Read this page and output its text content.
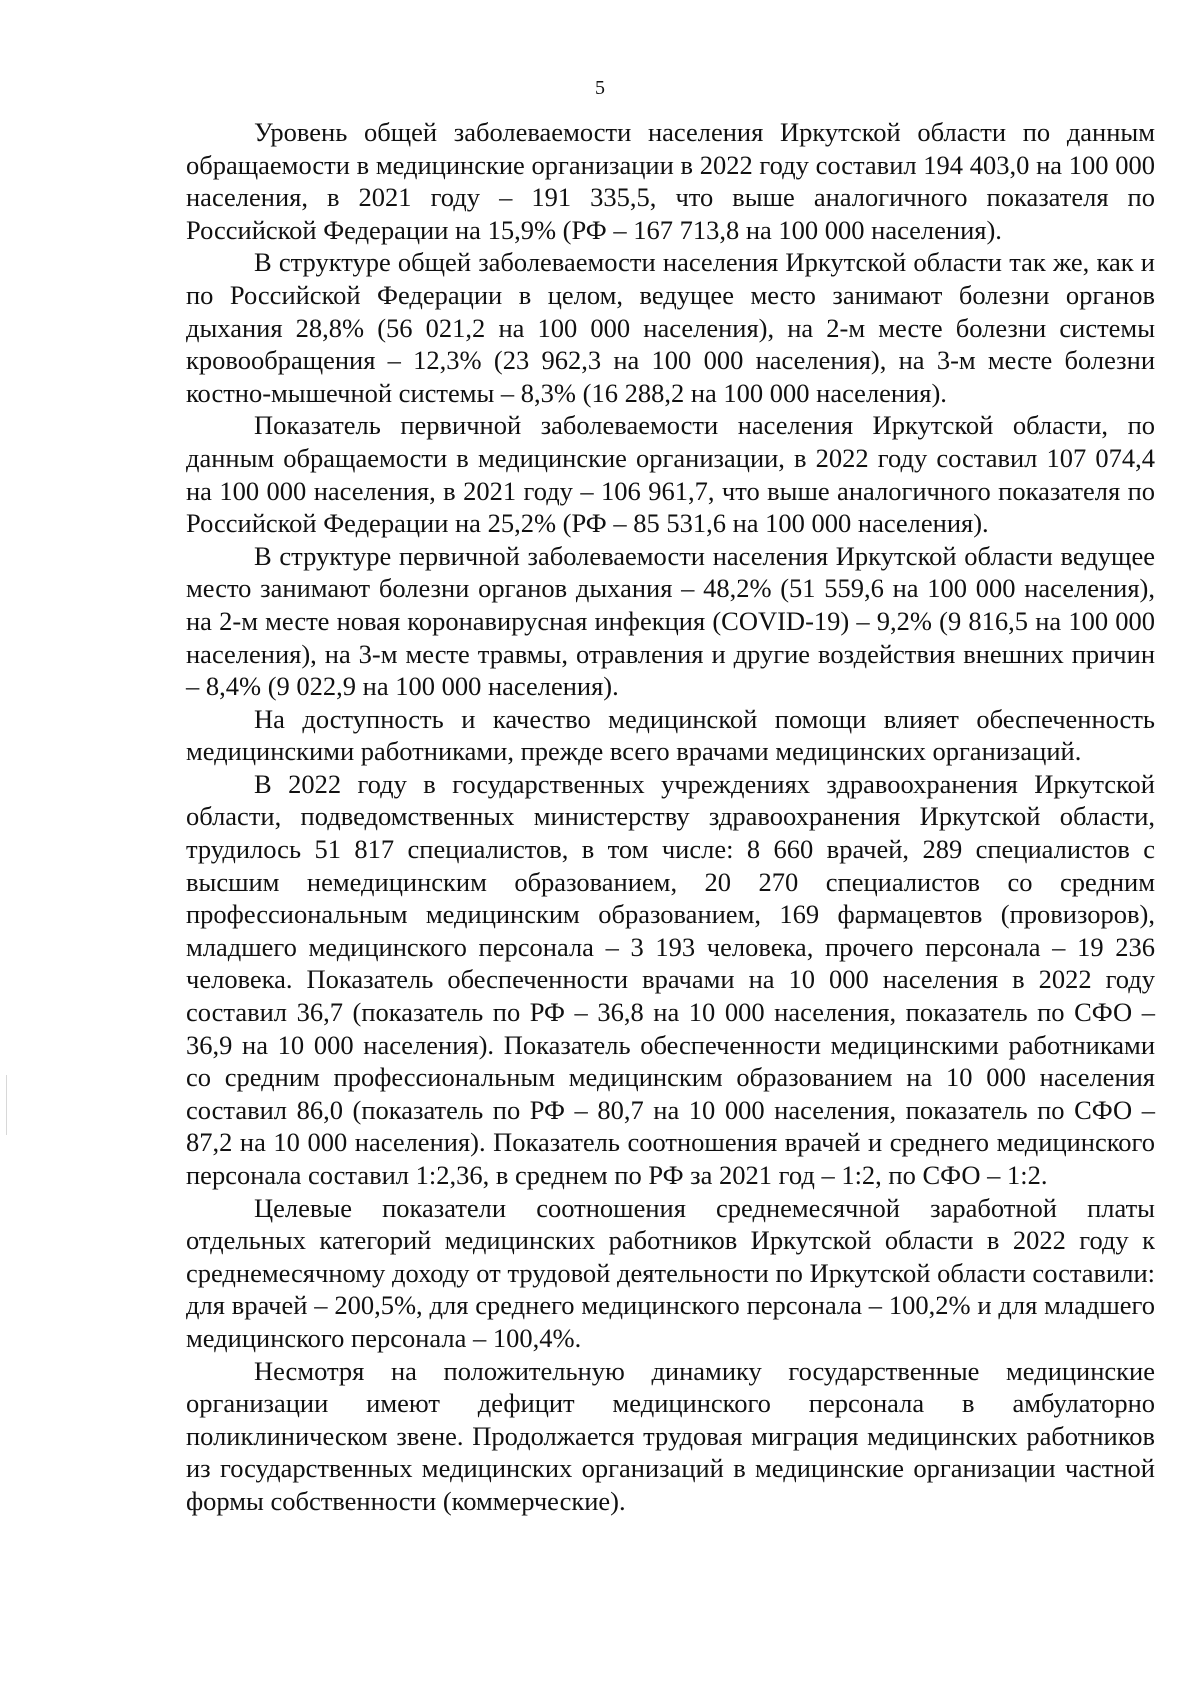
5

Уровень общей заболеваемости населения Иркутской области по данным обращаемости в медицинские организации в 2022 году составил 194 403,0 на 100 000 населения, в 2021 году – 191 335,5, что выше аналогичного показателя по Российской Федерации на 15,9% (РФ – 167 713,8 на 100 000 населения).

В структуре общей заболеваемости населения Иркутской области так же, как и по Российской Федерации в целом, ведущее место занимают болезни органов дыхания 28,8% (56 021,2 на 100 000 населения), на 2-м месте болезни системы кровообращения – 12,3% (23 962,3 на 100 000 населения), на 3-м месте болезни костно-мышечной системы – 8,3% (16 288,2 на 100 000 населения).

Показатель первичной заболеваемости населения Иркутской области, по данным обращаемости в медицинские организации, в 2022 году составил 107 074,4 на 100 000 населения, в 2021 году – 106 961,7, что выше аналогичного показателя по Российской Федерации на 25,2% (РФ – 85 531,6 на 100 000 населения).

В структуре первичной заболеваемости населения Иркутской области ведущее место занимают болезни органов дыхания – 48,2% (51 559,6 на 100 000 населения), на 2-м месте новая коронавирусная инфекция (COVID-19) – 9,2% (9 816,5 на 100 000 населения), на 3-м месте травмы, отравления и другие воздействия внешних причин – 8,4% (9 022,9 на 100 000 населения).

На доступность и качество медицинской помощи влияет обеспеченность медицинскими работниками, прежде всего врачами медицинских организаций.

В 2022 году в государственных учреждениях здравоохранения Иркутской области, подведомственных министерству здравоохранения Иркутской области, трудилось 51 817 специалистов, в том числе: 8 660 врачей, 289 специалистов с высшим немедицинским образованием, 20 270 специалистов со средним профессиональным медицинским образованием, 169 фармацевтов (провизоров), младшего медицинского персонала – 3 193 человека, прочего персонала – 19 236 человека. Показатель обеспеченности врачами на 10 000 населения в 2022 году составил 36,7 (показатель по РФ – 36,8 на 10 000 населения, показатель по СФО – 36,9 на 10 000 населения). Показатель обеспеченности медицинскими работниками со средним профессиональным медицинским образованием на 10 000 населения составил 86,0 (показатель по РФ – 80,7 на 10 000 населения, показатель по СФО – 87,2 на 10 000 населения). Показатель соотношения врачей и среднего медицинского персонала составил 1:2,36, в среднем по РФ за 2021 год – 1:2, по СФО – 1:2.

Целевые показатели соотношения среднемесячной заработной платы отдельных категорий медицинских работников Иркутской области в 2022 году к среднемесячному доходу от трудовой деятельности по Иркутской области составили: для врачей – 200,5%, для среднего медицинского персонала – 100,2% и для младшего медицинского персонала – 100,4%.

Несмотря на положительную динамику государственные медицинские организации имеют дефицит медицинского персонала в амбулаторно поликлиническом звене. Продолжается трудовая миграция медицинских работников из государственных медицинских организаций в медицинские организации частной формы собственности (коммерческие).
